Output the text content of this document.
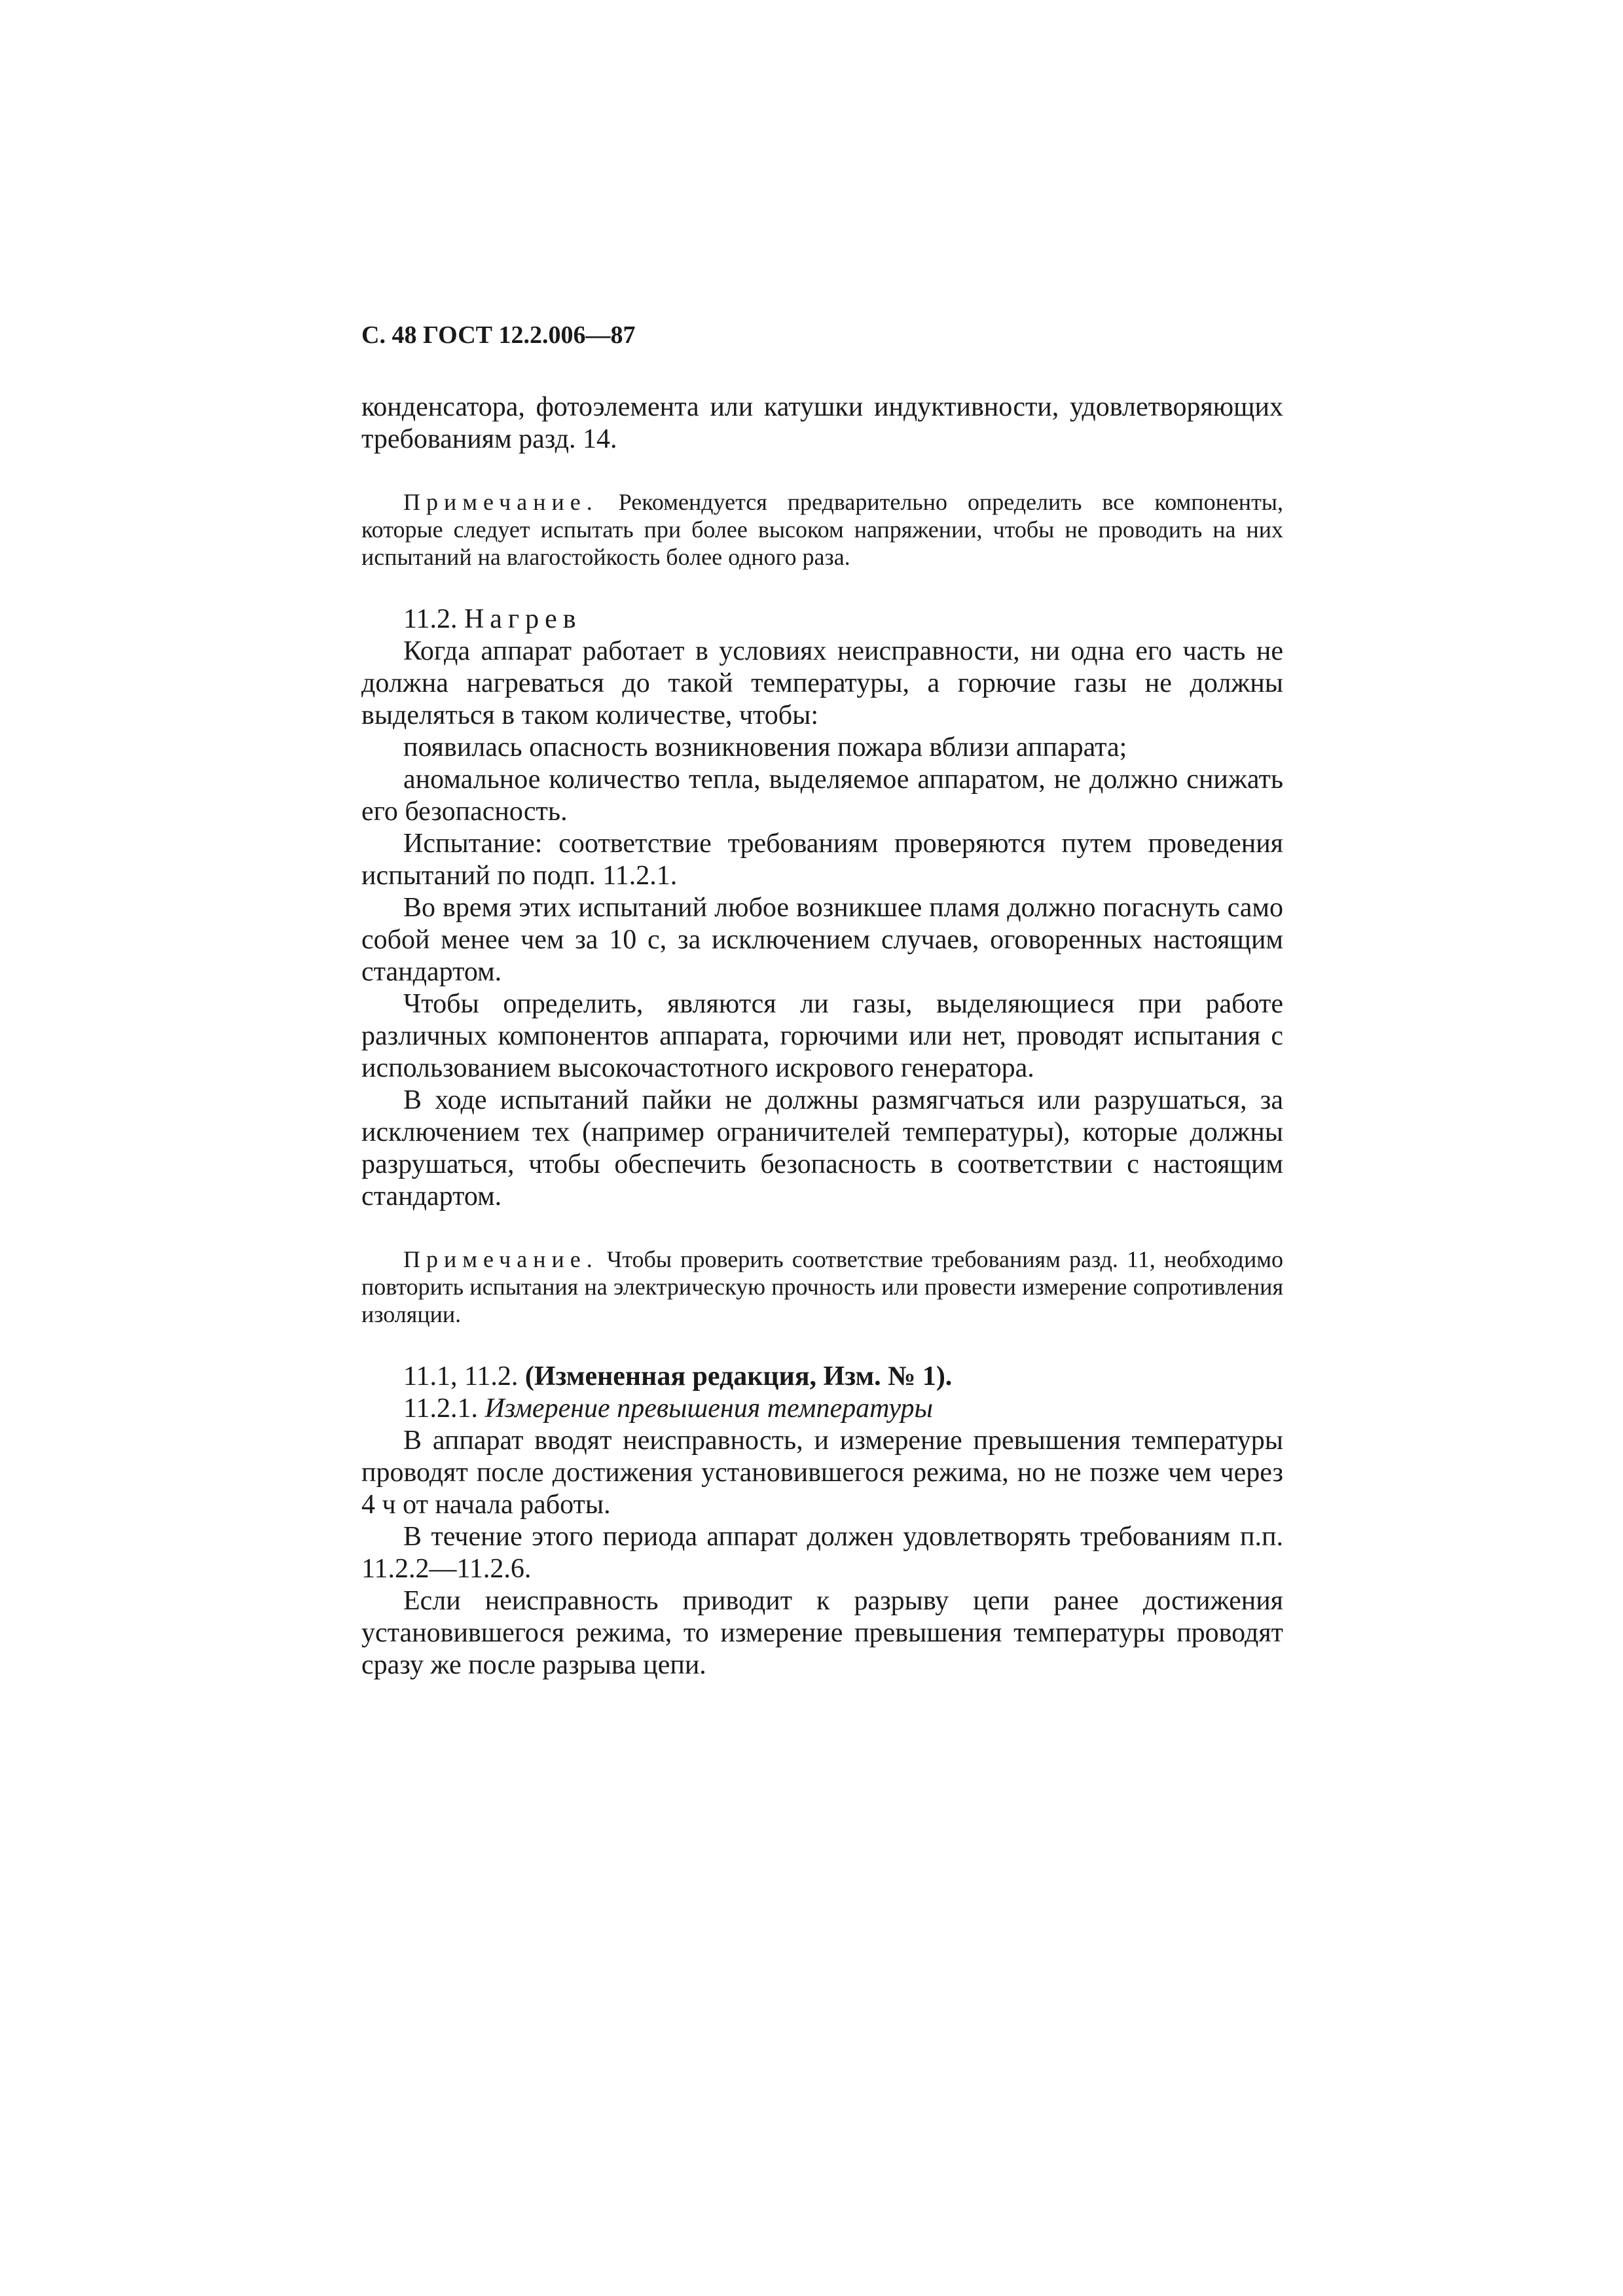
С. 48 ГОСТ 12.2.006—87

конденсатора, фотоэлемента или катушки индуктивности, удовлетворяющих требованиям разд. 14.

Примечание. Рекомендуется предварительно определить все компоненты, которые следует испытать при более высоком напряжении, чтобы не проводить на них испытаний на влагостойкость более одного раза.

11.2. Нагрев

Когда аппарат работает в условиях неисправности, ни одна его часть не должна нагреваться до такой температуры, а горючие газы не должны выделяться в таком количестве, чтобы:

появилась опасность возникновения пожара вблизи аппарата;

аномальное количество тепла, выделяемое аппаратом, не должно снижать его безопасность.

Испытание: соответствие требованиям проверяются путем проведения испытаний по подп. 11.2.1.

Во время этих испытаний любое возникшее пламя должно погаснуть само собой менее чем за 10 с, за исключением случаев, оговоренных настоящим стандартом.

Чтобы определить, являются ли газы, выделяющиеся при работе различных компонентов аппарата, горючими или нет, проводят испытания с использованием высокочастотного искрового генератора.

В ходе испытаний пайки не должны размягчаться или разрушаться, за исключением тех (например ограничителей температуры), которые должны разрушаться, чтобы обеспечить безопасность в соответствии с настоящим стандартом.

Примечание. Чтобы проверить соответствие требованиям разд. 11, необходимо повторить испытания на электрическую прочность или провести измерение сопротивления изоляции.

11.1, 11.2. (Измененная редакция, Изм. № 1).

11.2.1. Измерение превышения температуры

В аппарат вводят неисправность, и измерение превышения температуры проводят после достижения установившегося режима, но не позже чем через 4 ч от начала работы.

В течение этого периода аппарат должен удовлетворять требованиям п.п. 11.2.2—11.2.6.

Если неисправность приводит к разрыву цепи ранее достижения установившегося режима, то измерение превышения температуры проводят сразу же после разрыва цепи.
